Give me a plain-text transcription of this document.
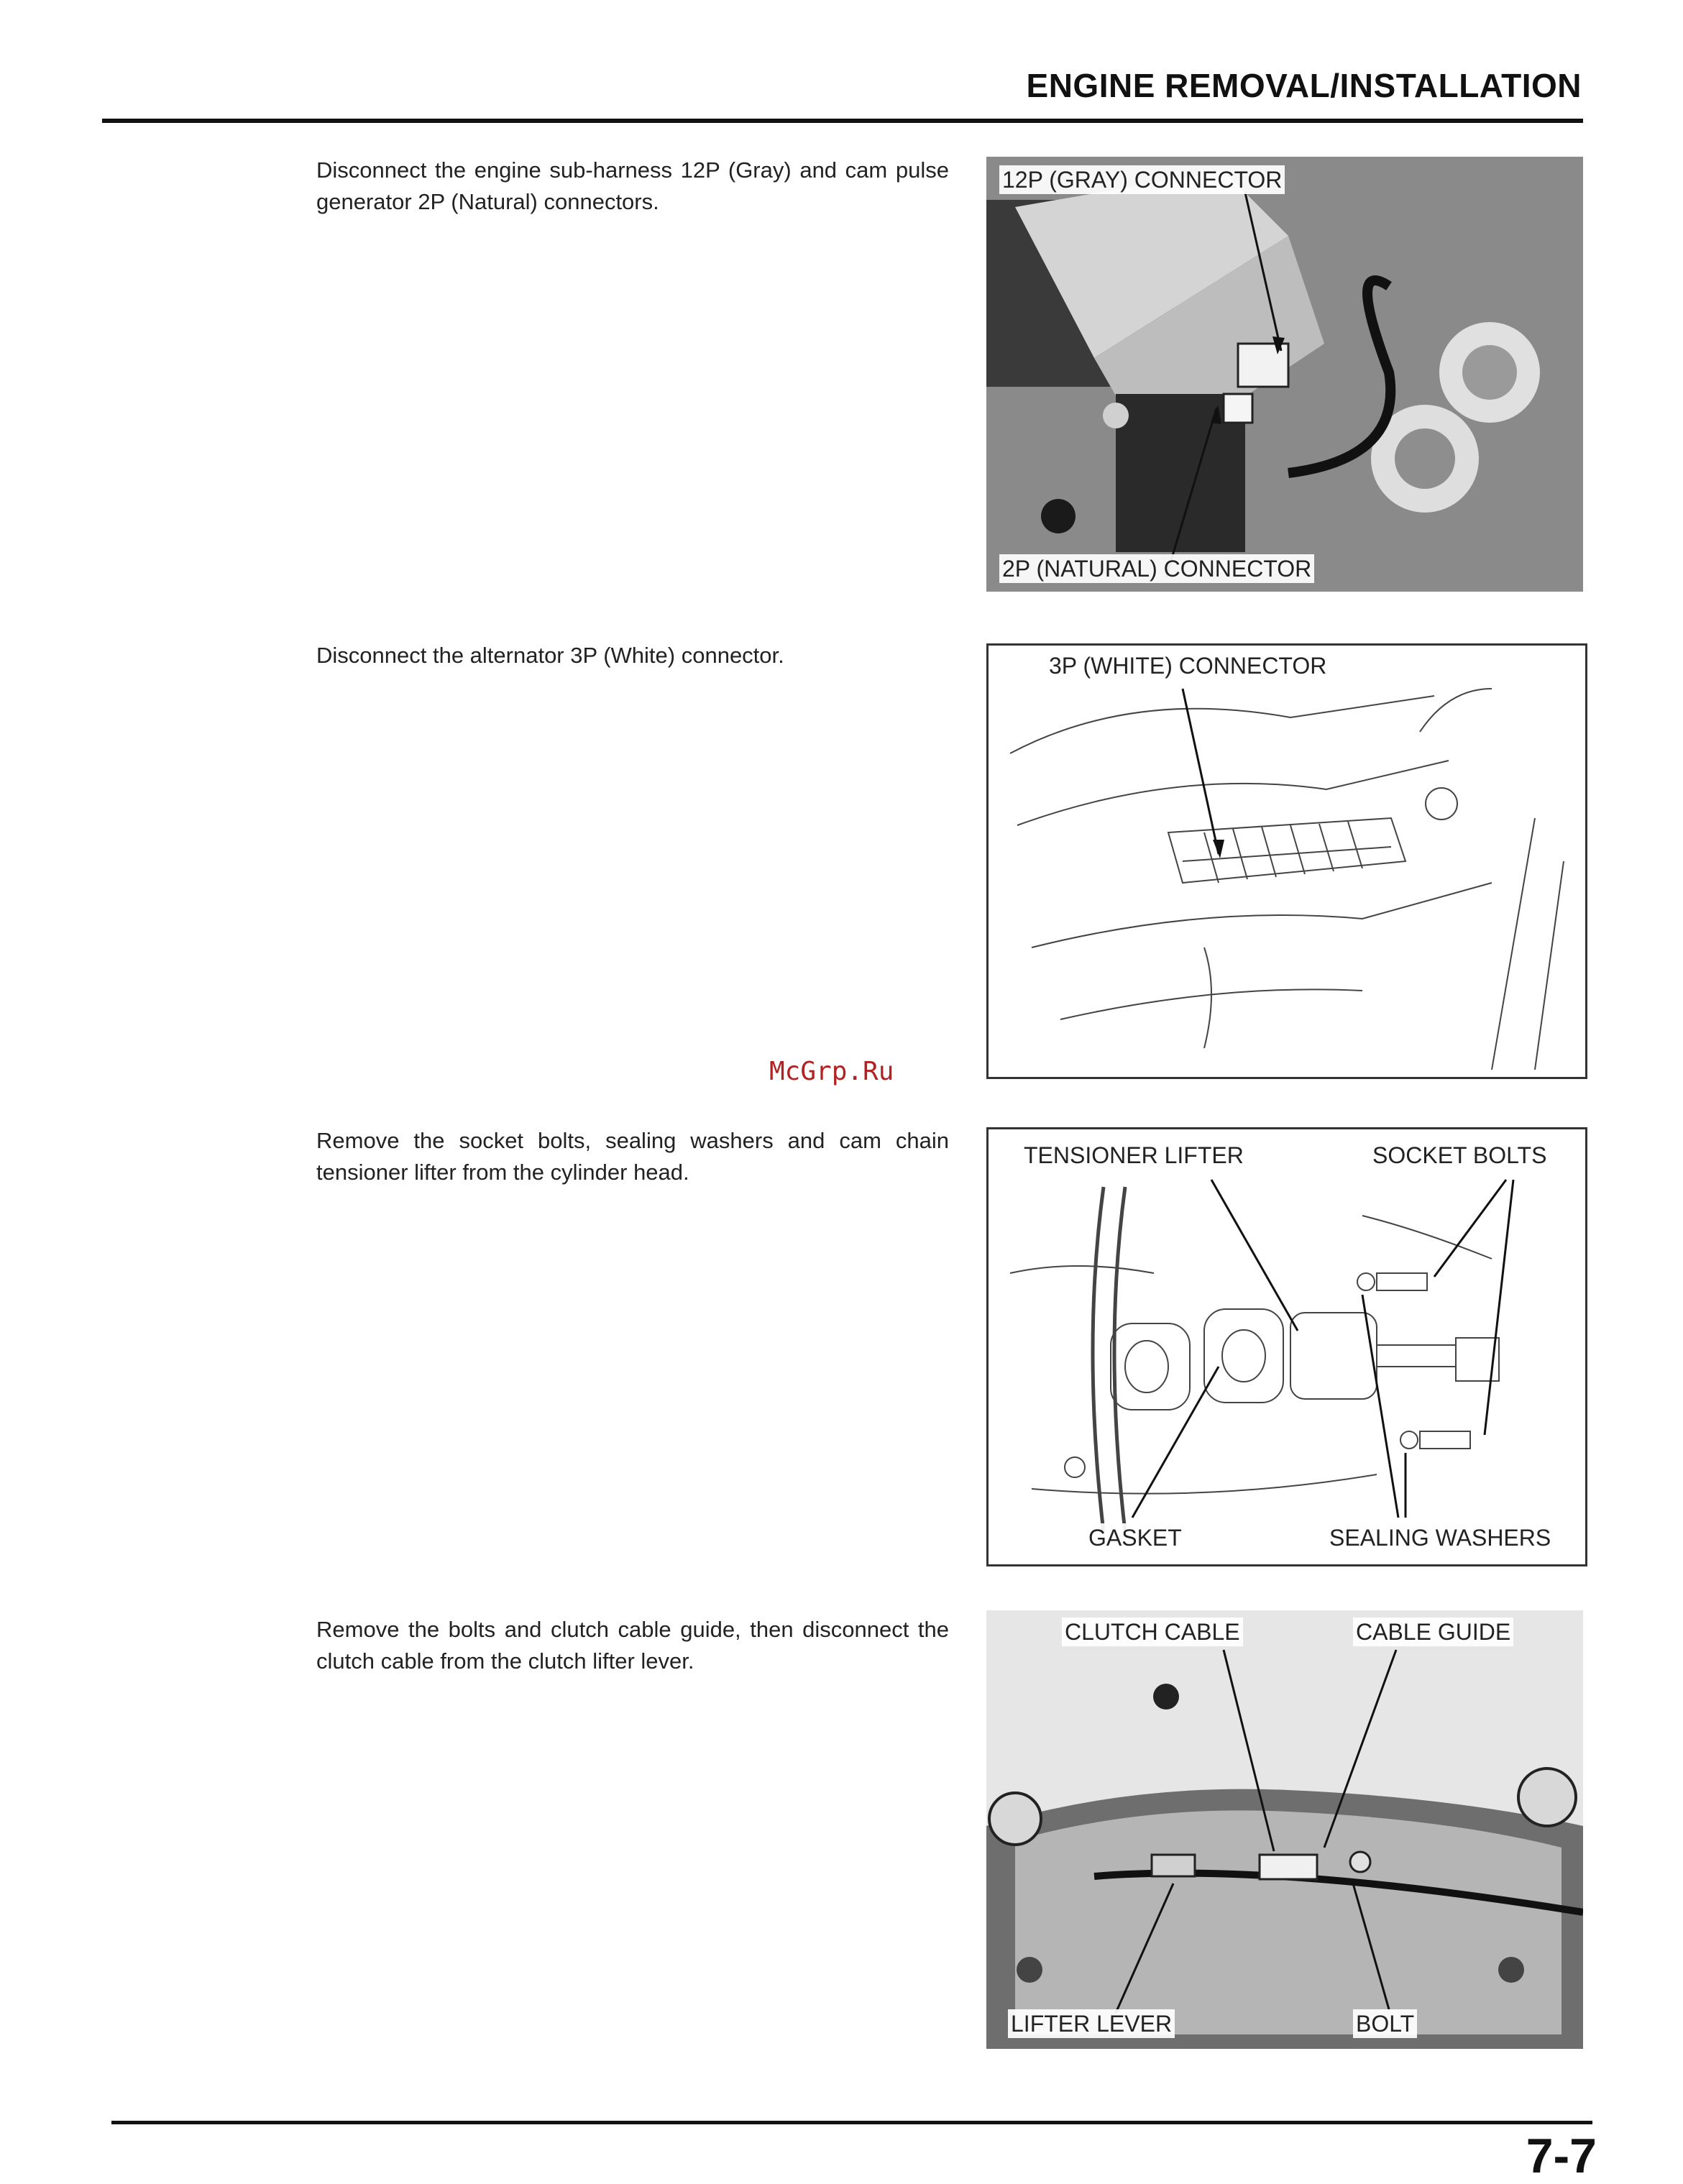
ENGINE REMOVAL/INSTALLATION
Disconnect the engine sub-harness 12P (Gray) and cam pulse generator 2P (Natural) connectors.
12P (GRAY) CONNECTOR
2P (NATURAL) CONNECTOR
Disconnect the alternator 3P (White) connector.	3P (WHITE) CONNECTOR
McGrp.Ru
Remove the socket bolts, sealing washers and cam chain tensioner lifter from the cylinder head.
TENSIONER LIFTER	SOCKET BOLTS
GASKET	SEALING WASHERS
Remove the bolts and clutch cable guide, then disconnect the clutch cable from the clutch lifter lever.
CLUTCH CABLE	CABLE GUIDE
LIFTER LEVER	BOLT
7-7
